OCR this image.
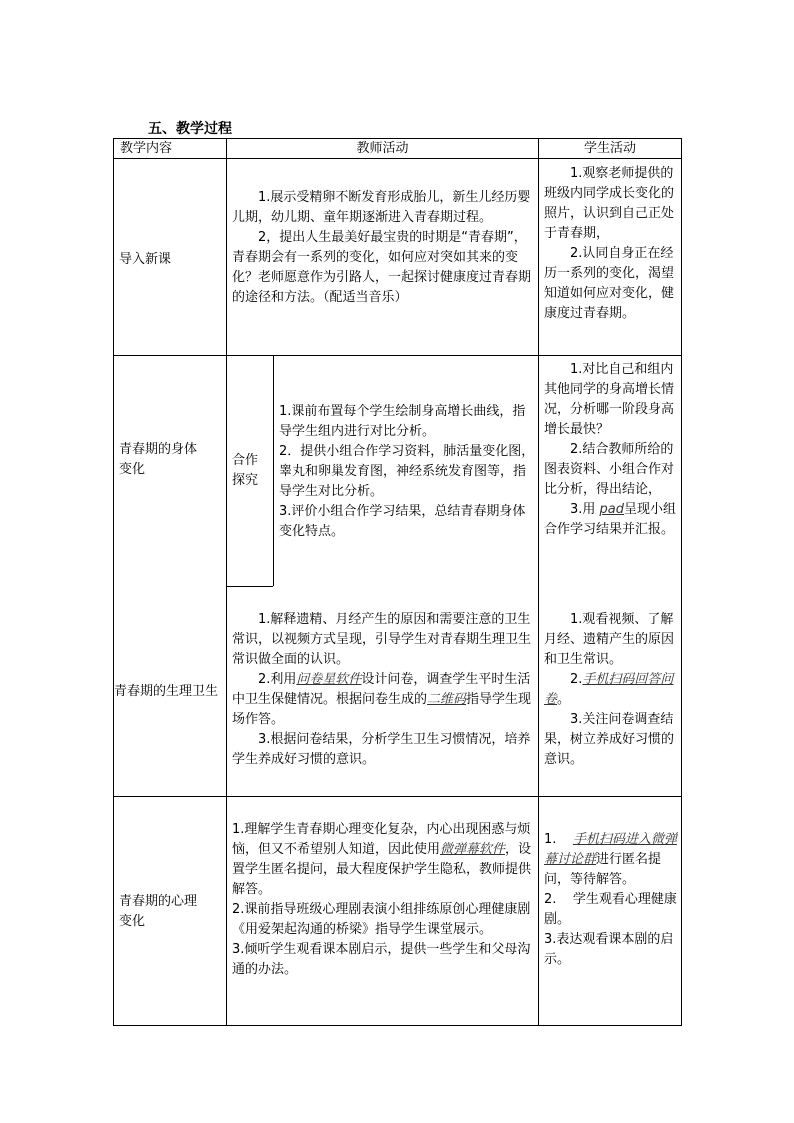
五、教学过程
教学内容	教师活动	学生活动
导入新课

1.展示受精卵不断发育形成胎儿，新生儿经历婴儿期，幼儿期、童年期逐渐进入青春期过程。

2，提出人生最美好最宝贵的时期是“青春期”，青春期会有一系列的变化，如何应对突如其来的变化？老师愿意作为引路人，一起探讨健康度过青春期的途径和方法。（配适当音乐）

1.观察老师提供的班级内同学成长变化的照片，认识到自己正处于青春期，

2.认同自身正在经历一系列的变化，渴望知道如何应对变化，健康度过青春期。

青春期的身体
变化
合作
探究

1.课前布置每个学生绘制身高增长曲线，指导学生组内进行对比分析。

2．提供小组合作学习资料，肺活量变化图，睾丸和卵巢发育图，神经系统发育图等，指导学生对比分析。

3.评价小组合作学习结果，总结青春期身体变化特点。

1.对比自己和组内其他同学的身高增长情况，分析哪一阶段身高增长最快？

2.结合教师所给的图表资料、小组合作对比分析，得出结论，

3.用 pad呈现小组合作学习结果并汇报。

青春期的生理卫生

1.解释遗精、月经产生的原因和需要注意的卫生常识，以视频方式呈现，引导学生对青春期生理卫生常识做全面的认识。

2.利用问卷星软件设计问卷，调查学生平时生活中卫生保健情况。根据问卷生成的二维码指导学生现场作答。

3.根据问卷结果，分析学生卫生习惯情况，培养学生养成好习惯的意识。

1.观看视频、了解月经、遗精产生的原因和卫生常识。

2.手机扫码回答问卷。

3.关注问卷调查结果，树立养成好习惯的意识。

青春期的心理
变化

1.理解学生青春期心理变化复杂，内心出现困惑与烦恼，但又不希望别人知道，因此使用微弹幕软件，设置学生匿名提问，最大程度保护学生隐私，教师提供解答。

2.课前指导班级心理剧表演小组排练原创心理健康剧《用爱架起沟通的桥梁》指导学生课堂展示。

3.倾听学生观看课本剧启示，提供一些学生和父母沟通的办法。

1.    手机扫码进入微弹幕讨论群进行匿名提问，等待解答。

2.    学生观看心理健康剧。

3.表达观看课本剧的启示。
